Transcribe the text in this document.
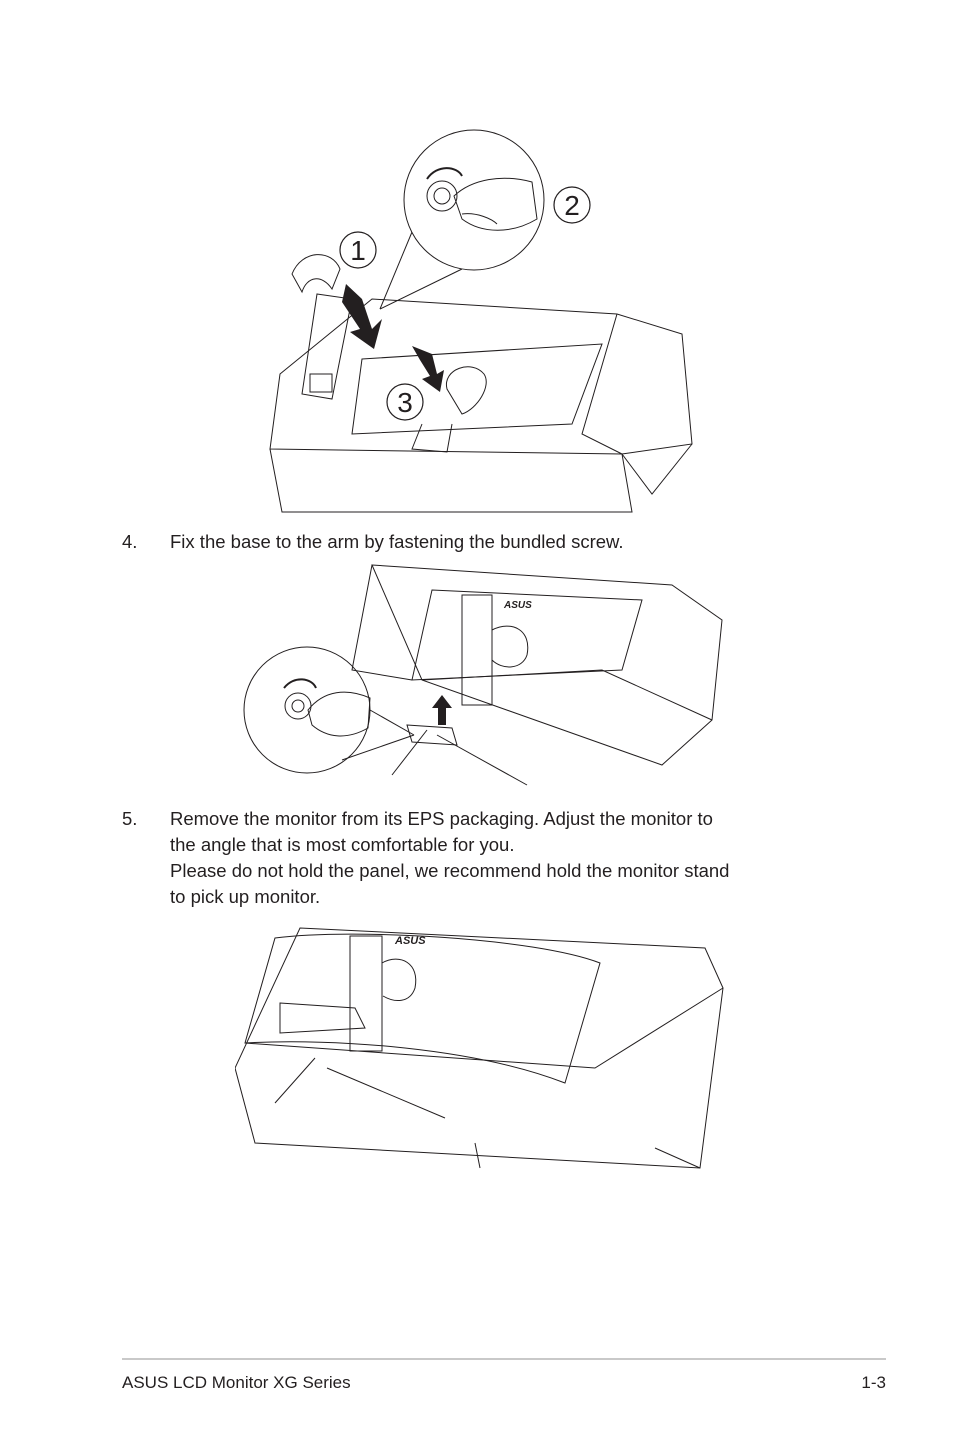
1
2
3
4.	Fix the base to the arm by fastening the bundled screw.
ASUS
5.	Remove the monitor from its EPS packaging. Adjust the monitor to
the angle that is most comfortable for you.
Please do not hold the panel, we recommend hold the monitor stand
to pick up monitor.
ASUS
ASUS LCD Monitor XG Series	1-3
